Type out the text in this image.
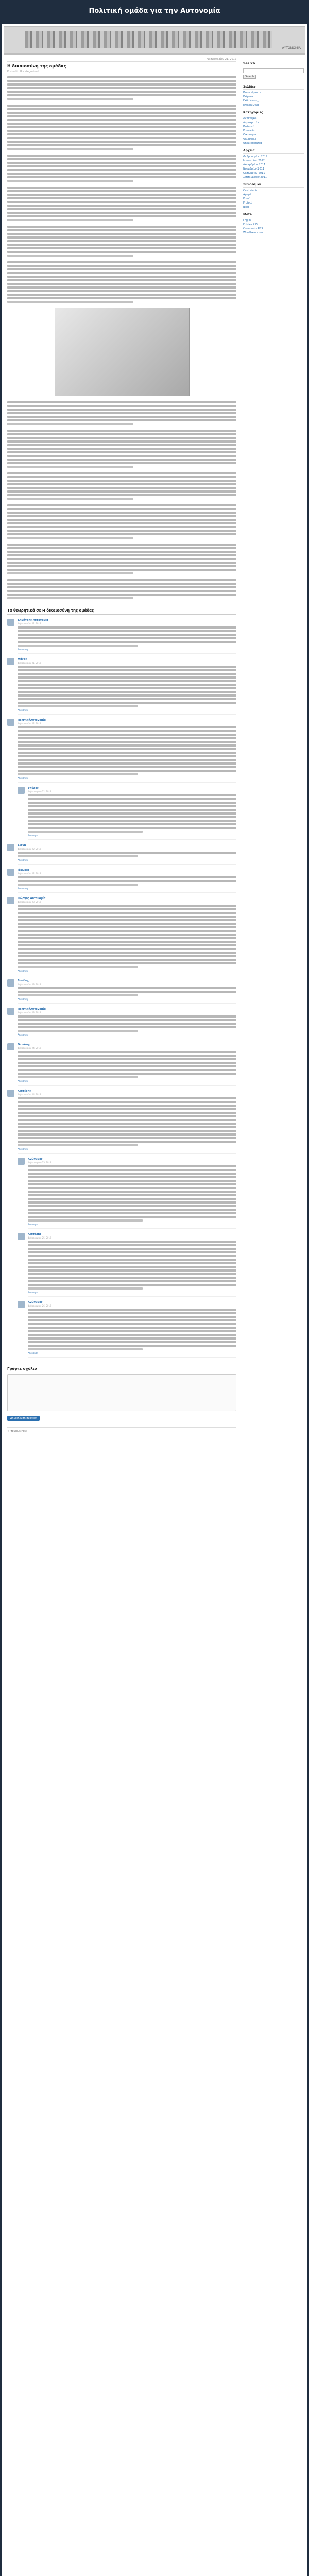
Πολιτική ομάδα για την Αυτονομία
ΑΥΤΟΝΟΜΙΑ
Φεβρουαρίου 21, 2012
Η δικαιοσύνη της ομάδας
Posted in Uncategorized
Τα θεωρητικά σε Η δικαιοσύνη της ομάδας
Δημήτρης Αυτονομία
Φεβρουαρίου 21, 2012
Απάντηση
Μάνος
Φεβρουαρίου 21, 2012
Απάντηση
ΠολιτικήΑυτονομία
Φεβρουαρίου 22, 2012
Απάντηση
Σπύρος
Φεβρουαρίου 22, 2012
Απάντηση
Ελένη
Φεβρουαρίου 22, 2012
Απάντηση
Ιάκωβος
Φεβρουαρίου 22, 2012
Απάντηση
Γιώργος Αυτονομία
Φεβρουαρίου 23, 2012
Απάντηση
Βασίλης
Φεβρουαρίου 23, 2012
Απάντηση
ΠολιτικήΑυτονομία
Φεβρουαρίου 23, 2012
Απάντηση
Θανάσης
Φεβρουαρίου 24, 2012
Απάντηση
Λευτέρης
Φεβρουαρίου 24, 2012
Απάντηση
Ανώνυμος
Φεβρουαρίου 25, 2012
Απάντηση
Λευτέρης
Φεβρουαρίου 25, 2012
Απάντηση
Ανώνυμος
Φεβρουαρίου 26, 2012
Απάντηση
Γράψτε σχόλιο
Δημοσίευση σχολίου
« Previous Post
Search
Search
Σελίδες
Ποιοι είμαστε
Κείμενα
Εκδηλώσεις
Επικοινωνία
Κατηγορίες
Αυτονομία
Δημοκρατία
Πολιτική
Κοινωνία
Οικονομία
Φιλοσοφία
Uncategorized
Αρχεία
Φεβρουαρίου 2012
Ιανουαρίου 2012
Δεκεμβρίου 2011
Νοεμβρίου 2011
Οκτωβρίου 2011
Σεπτεμβρίου 2011
Σύνδεσμοι
Castoriadis
Αγορά
Κοινότητα
Project
Blog
Meta
Log in
Entries RSS
Comments RSS
WordPress.com
